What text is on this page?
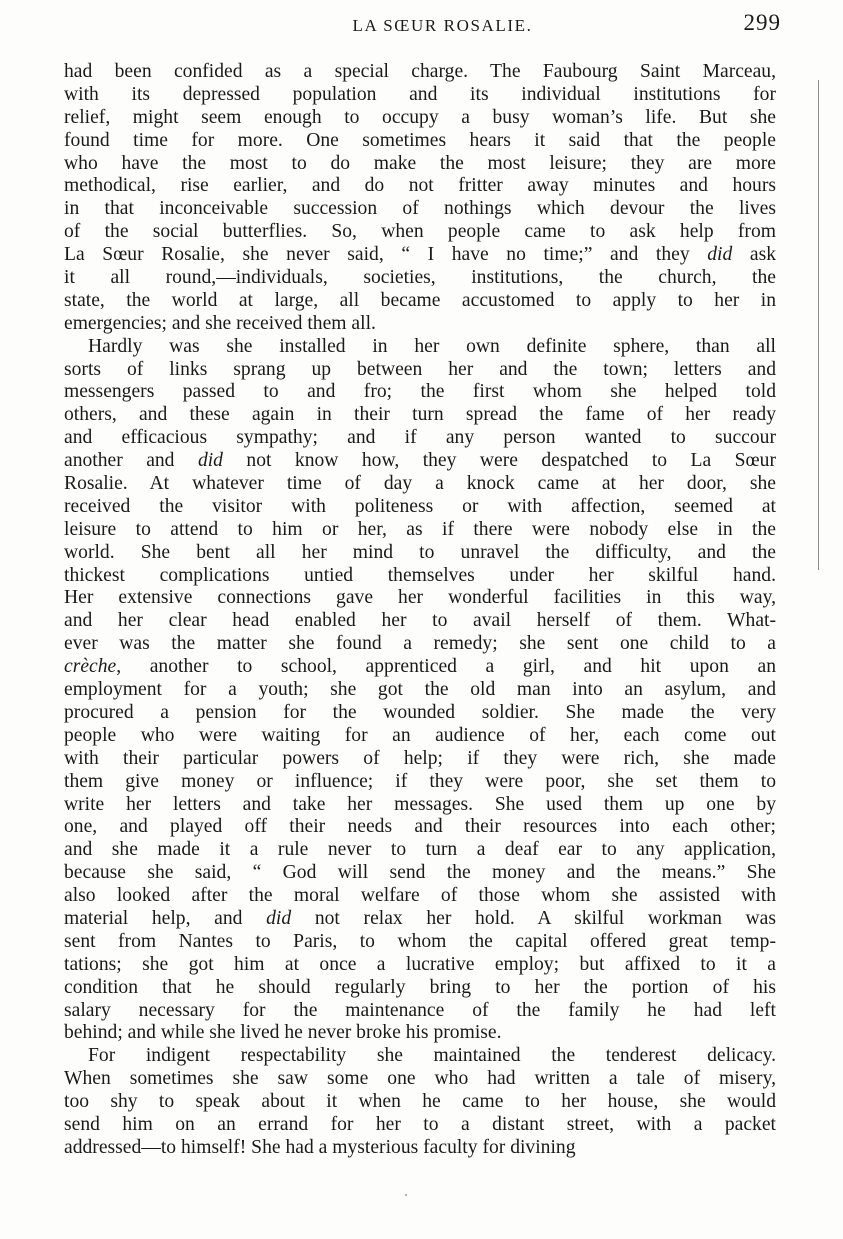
LA SŒUR ROSALIE.	299
had been confided as a special charge. The Faubourg Saint Marceau,
with its depressed population and its individual institutions for
relief, might seem enough to occupy a busy woman’s life. But she
found time for more. One sometimes hears it said that the people
who have the most to do make the most leisure; they are more
methodical, rise earlier, and do not fritter away minutes and hours
in that inconceivable succession of nothings which devour the lives
of the social butterflies. So, when people came to ask help from
La Sœur Rosalie, she never said, “ I have no time;” and they did ask
it all round,—individuals, societies, institutions, the church, the
state, the world at large, all became accustomed to apply to her in
emergencies; and she received them all.
Hardly was she installed in her own definite sphere, than all
sorts of links sprang up between her and the town; letters and
messengers passed to and fro; the first whom she helped told
others, and these again in their turn spread the fame of her ready
and efficacious sympathy; and if any person wanted to succour
another and did not know how, they were despatched to La Sœur
Rosalie. At whatever time of day a knock came at her door, she
received the visitor with politeness or with affection, seemed at
leisure to attend to him or her, as if there were nobody else in the
world. She bent all her mind to unravel the difficulty, and the
thickest complications untied themselves under her skilful hand.
Her extensive connections gave her wonderful facilities in this way,
and her clear head enabled her to avail herself of them. What-
ever was the matter she found a remedy; she sent one child to a
crèche, another to school, apprenticed a girl, and hit upon an
employment for a youth; she got the old man into an asylum, and
procured a pension for the wounded soldier. She made the very
people who were waiting for an audience of her, each come out
with their particular powers of help; if they were rich, she made
them give money or influence; if they were poor, she set them to
write her letters and take her messages. She used them up one by
one, and played off their needs and their resources into each other;
and she made it a rule never to turn a deaf ear to any application,
because she said, “ God will send the money and the means.” She
also looked after the moral welfare of those whom she assisted with
material help, and did not relax her hold. A skilful workman was
sent from Nantes to Paris, to whom the capital offered great temp-
tations; she got him at once a lucrative employ; but affixed to it a
condition that he should regularly bring to her the portion of his
salary necessary for the maintenance of the family he had left
behind; and while she lived he never broke his promise.
For indigent respectability she maintained the tenderest delicacy.
When sometimes she saw some one who had written a tale of misery,
too shy to speak about it when he came to her house, she would
send him on an errand for her to a distant street, with a packet
addressed—to himself! She had a mysterious faculty for divining
